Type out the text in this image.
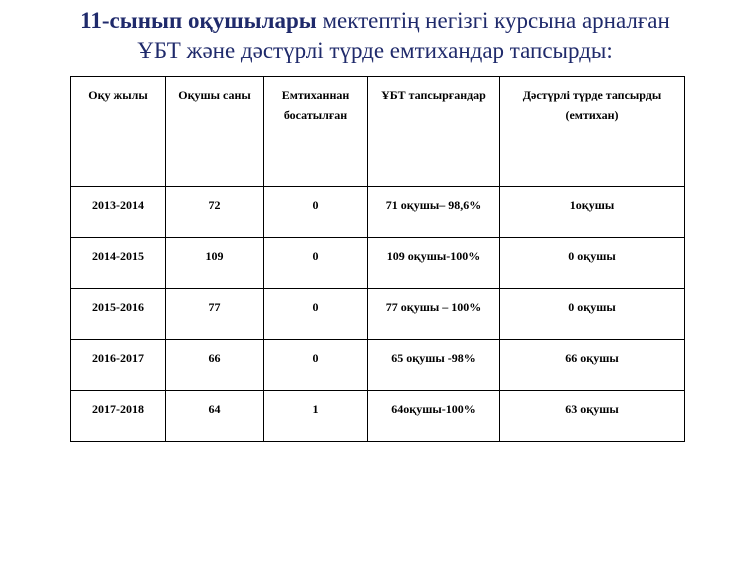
11-сынып оқушылары мектептің негізгі курсына арналған
ҰБТ және дәстүрлі түрде емтихандар тапсырды:
Оқу жылы	Оқушы саны	Емтиханнан босатылған	ҰБТ тапсырғандар	Дәстүрлі түрде тапсырды (емтихан)
2013-2014	72	0	71 оқушы– 98,6%	1оқушы
2014-2015	109	0	109 оқушы-100%	0 оқушы
2015-2016	77	0	77 оқушы – 100%	0 оқушы
2016-2017	66	0	65 оқушы -98%	66 оқушы
2017-2018	64	1	64оқушы-100%	63 оқушы
